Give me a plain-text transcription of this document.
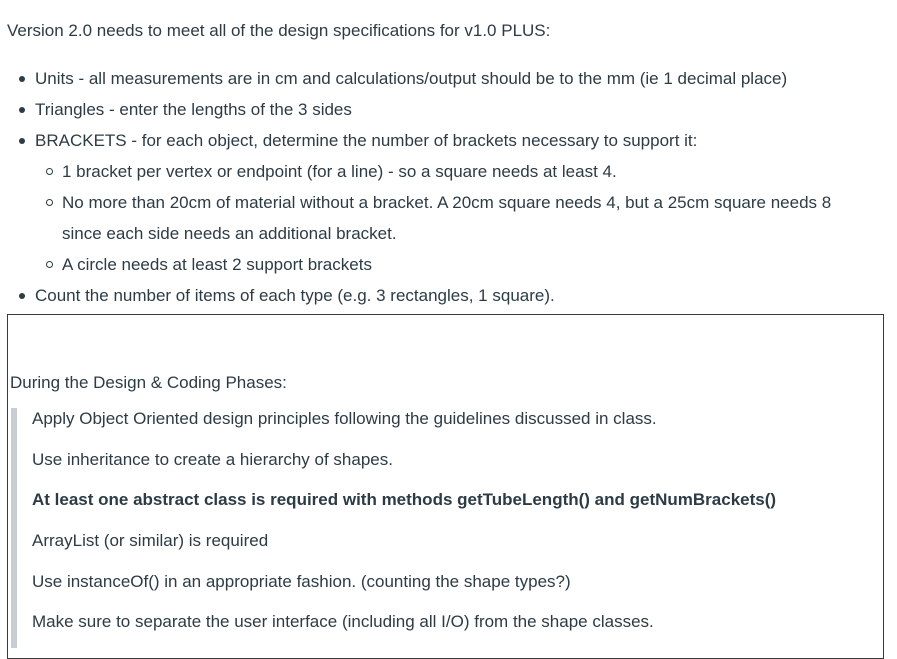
Version 2.0 needs to meet all of the design specifications for v1.0 PLUS:

Units - all measurements are in cm and calculations/output should be to the mm (ie 1 decimal place)
Triangles - enter the lengths of the 3 sides
BRACKETS - for each object, determine the number of brackets necessary to support it:
1 bracket per vertex or endpoint (for a line) - so a square needs at least 4.
No more than 20cm of material without a bracket. A 20cm square needs 4, but a 25cm square needs 8
since each side needs an additional bracket.
A circle needs at least 2 support brackets
Count the number of items of each type (e.g. 3 rectangles, 1 square).
During the Design & Coding Phases:

Apply Object Oriented design principles following the guidelines discussed in class.

Use inheritance to create a hierarchy of shapes.

At least one abstract class is required with methods getTubeLength() and getNumBrackets()

ArrayList (or similar) is required

Use instanceOf() in an appropriate fashion. (counting the shape types?)

Make sure to separate the user interface (including all I/O) from the shape classes.
